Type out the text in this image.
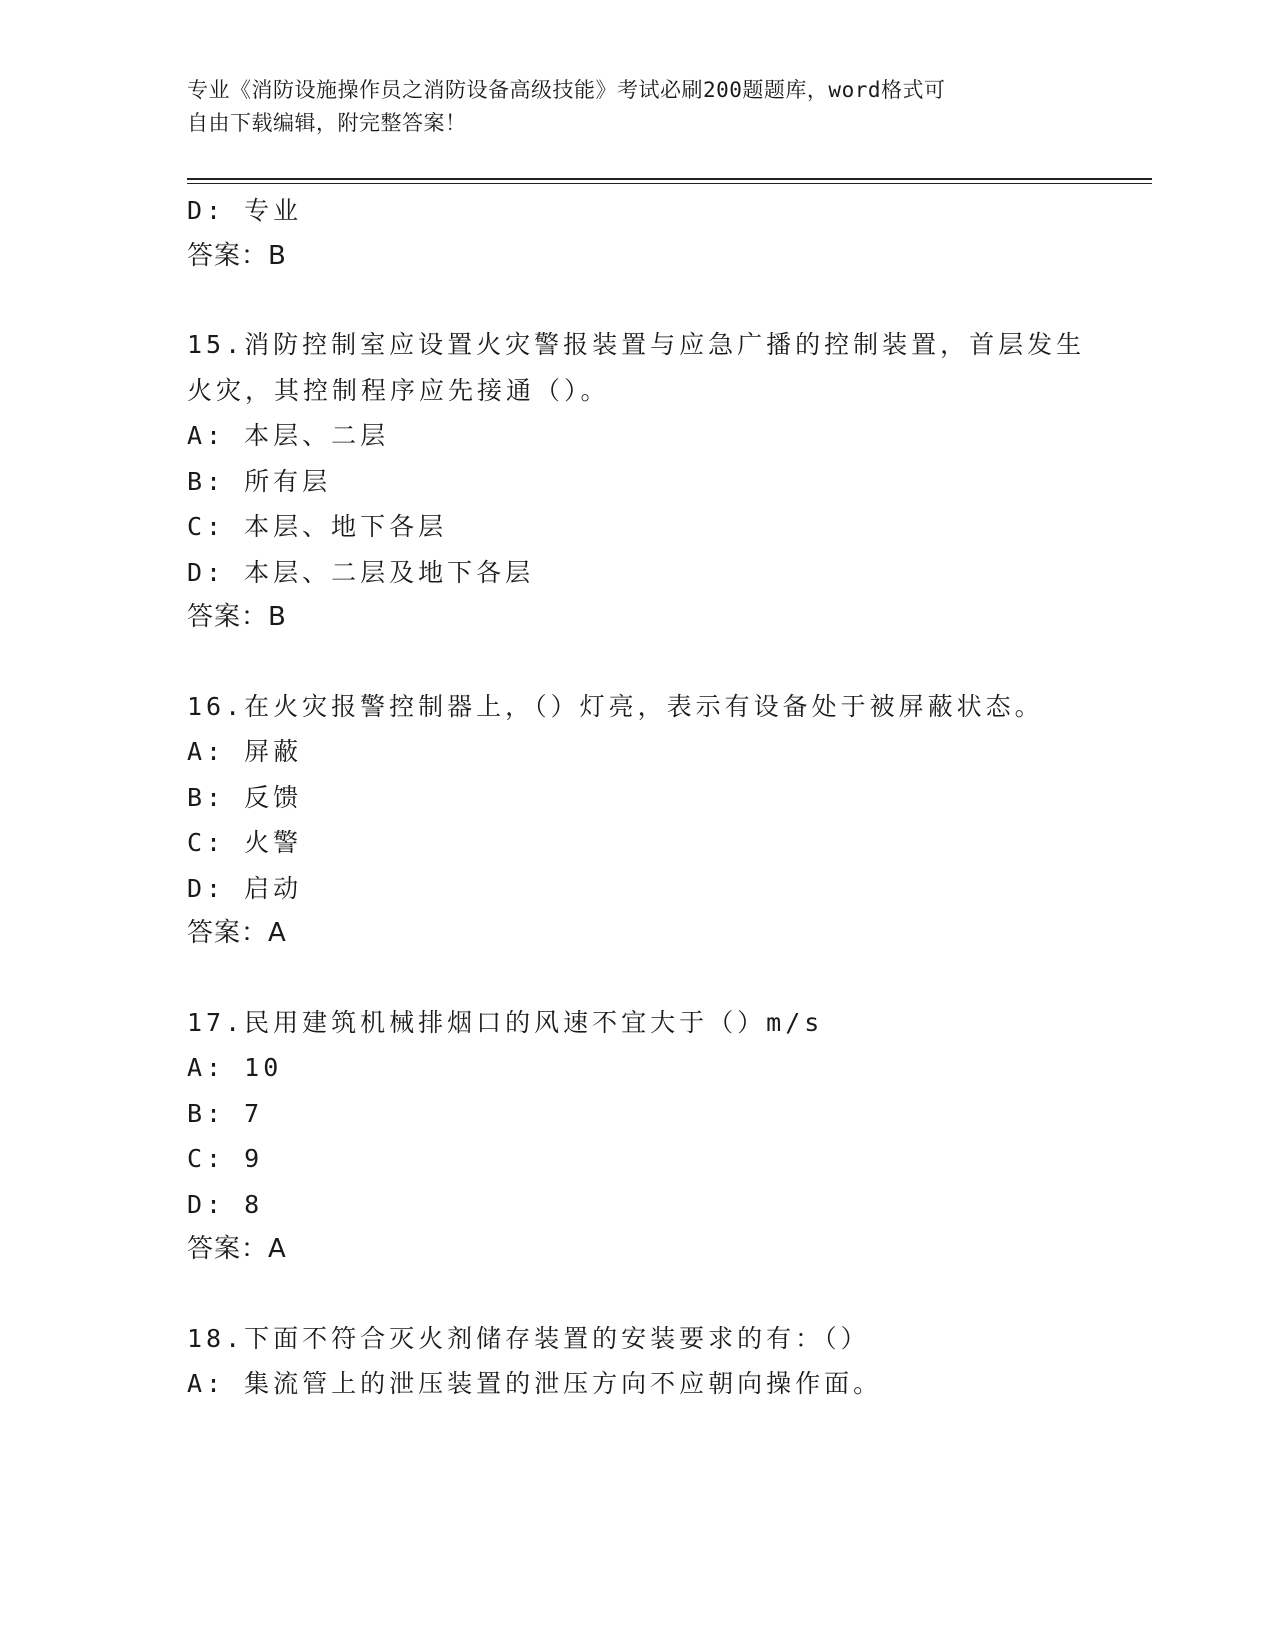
专业《消防设施操作员之消防设备高级技能》考试必刷200题题库，word格式可
自由下载编辑，附完整答案！
D: 专业
答案：B
15.消防控制室应设置火灾警报装置与应急广播的控制装置，首层发生
火灾，其控制程序应先接通（）。
A: 本层、二层
B: 所有层
C: 本层、地下各层
D: 本层、二层及地下各层
答案：B
16.在火灾报警控制器上，（）灯亮，表示有设备处于被屏蔽状态。
A: 屏蔽
B: 反馈
C: 火警
D: 启动
答案：A
17.民用建筑机械排烟口的风速不宜大于（）m/s
A: 10
B: 7
C: 9
D: 8
答案：A
18.下面不符合灭火剂储存装置的安装要求的有：（）
A: 集流管上的泄压装置的泄压方向不应朝向操作面。
